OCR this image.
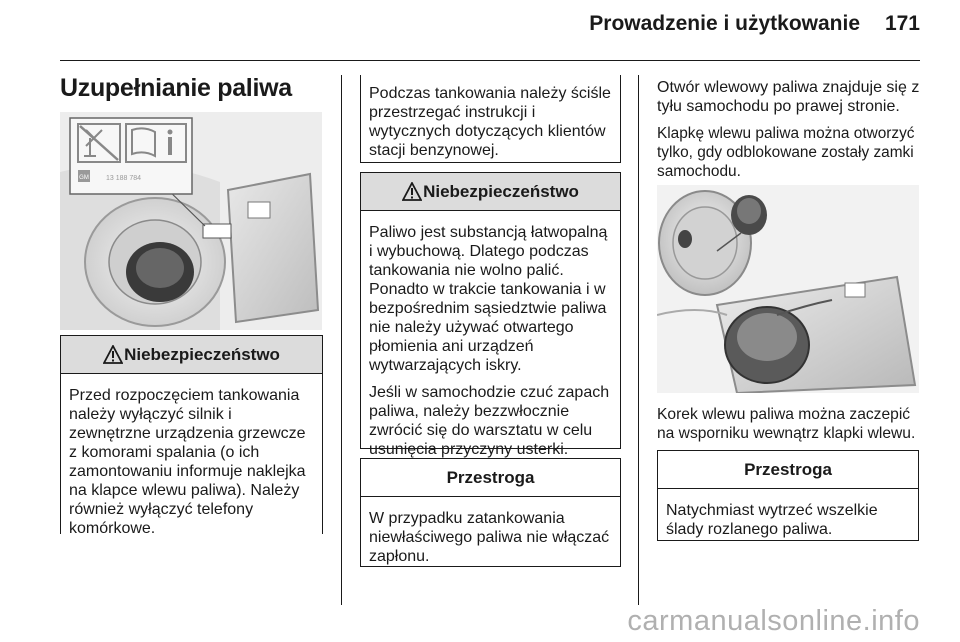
Prowadzenie i użytkowanie 171
Uzupełnianie paliwa
GM 13 188 784
Niebezpieczeństwo

Przed rozpoczęciem tankowania należy wyłączyć silnik i zewnętrzne urządzenia grzewcze z komorami spalania (o ich zamontowaniu informuje naklejka na klapce wlewu paliwa). Należy również wyłączyć telefony komórkowe.

Podczas tankowania należy ściśle przestrzegać instrukcji i wytycznych dotyczących klientów stacji benzynowej.

Niebezpieczeństwo

Paliwo jest substancją łatwopalną i wybuchową. Dlatego podczas tankowania nie wolno palić. Ponadto w trakcie tankowania i w bezpośrednim sąsiedztwie paliwa nie należy używać otwartego płomienia ani urządzeń wytwarzających iskry.

Jeśli w samochodzie czuć zapach paliwa, należy bezzwłocznie zwrócić się do warsztatu w celu usunięcia przyczyny usterki.

Przestroga

W przypadku zatankowania niewłaściwego paliwa nie włączać zapłonu.

Otwór wlewowy paliwa znajduje się z tyłu samochodu po prawej stronie.

Klapkę wlewu paliwa można otworzyć tylko, gdy odblokowane zostały zamki samochodu.

Korek wlewu paliwa można zaczepić na wsporniku wewnątrz klapki wlewu.

Przestroga

Natychmiast wytrzeć wszelkie ślady rozlanego paliwa.

carmanualsonline.info
